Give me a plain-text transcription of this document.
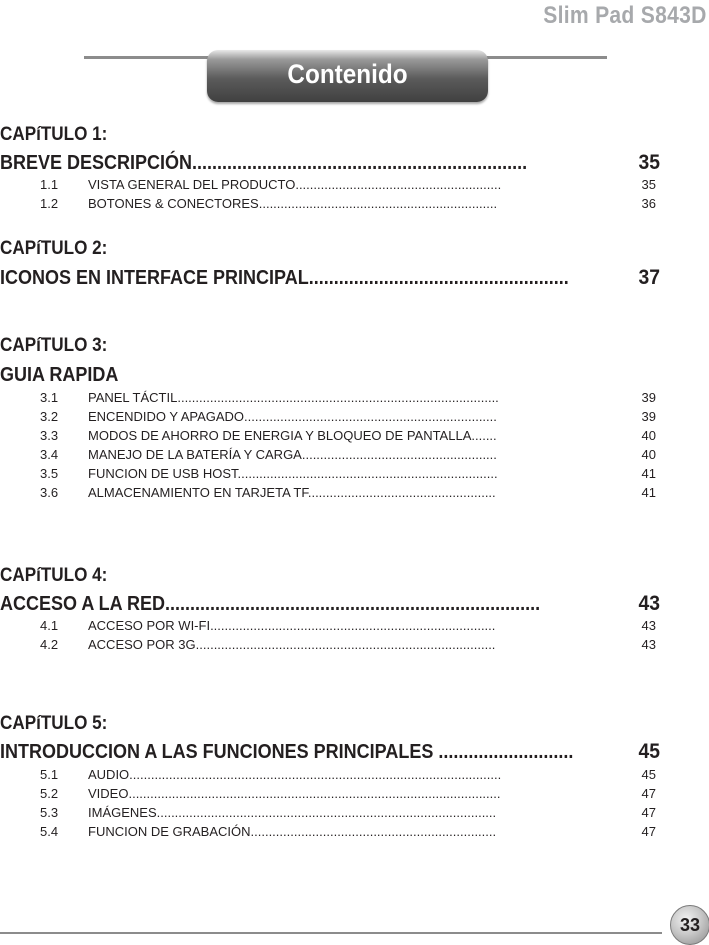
Slim Pad S843D
Contenido
CAPíTULO 1:
BREVE DESCRIPCIÓN...................................................................	35
1.1	VISTA GENERAL DEL PRODUCTO.........................................................	35
1.2	BOTONES & CONECTORES..................................................................	36
CAPíTULO 2:
ICONOS EN INTERFACE PRINCIPAL....................................................	37
CAPíTULO 3:
GUIA RAPIDA
3.1	PANEL TÁCTIL.........................................................................................	39
3.2	ENCENDIDO Y APAGADO......................................................................	39
3.3	MODOS DE AHORRO DE ENERGIA Y BLOQUEO DE PANTALLA.......	40
3.4	MANEJO DE LA BATERÍA Y CARGA......................................................	40
3.5	FUNCION DE USB HOST........................................................................	41
3.6	ALMACENAMIENTO EN TARJETA TF....................................................	41
CAPíTULO 4:
ACCESO A LA RED...........................................................................	43
4.1	ACCESO POR WI-FI...............................................................................	43
4.2	ACCESO POR 3G...................................................................................	43
CAPíTULO 5:
INTRODUCCION A LAS FUNCIONES PRINCIPALES ...........................	45
5.1	AUDIO.......................................................................................................	45
5.2	VIDEO.......................................................................................................	47
5.3	IMÁGENES..............................................................................................	47
5.4	FUNCION DE GRABACIÓN....................................................................	47
33
